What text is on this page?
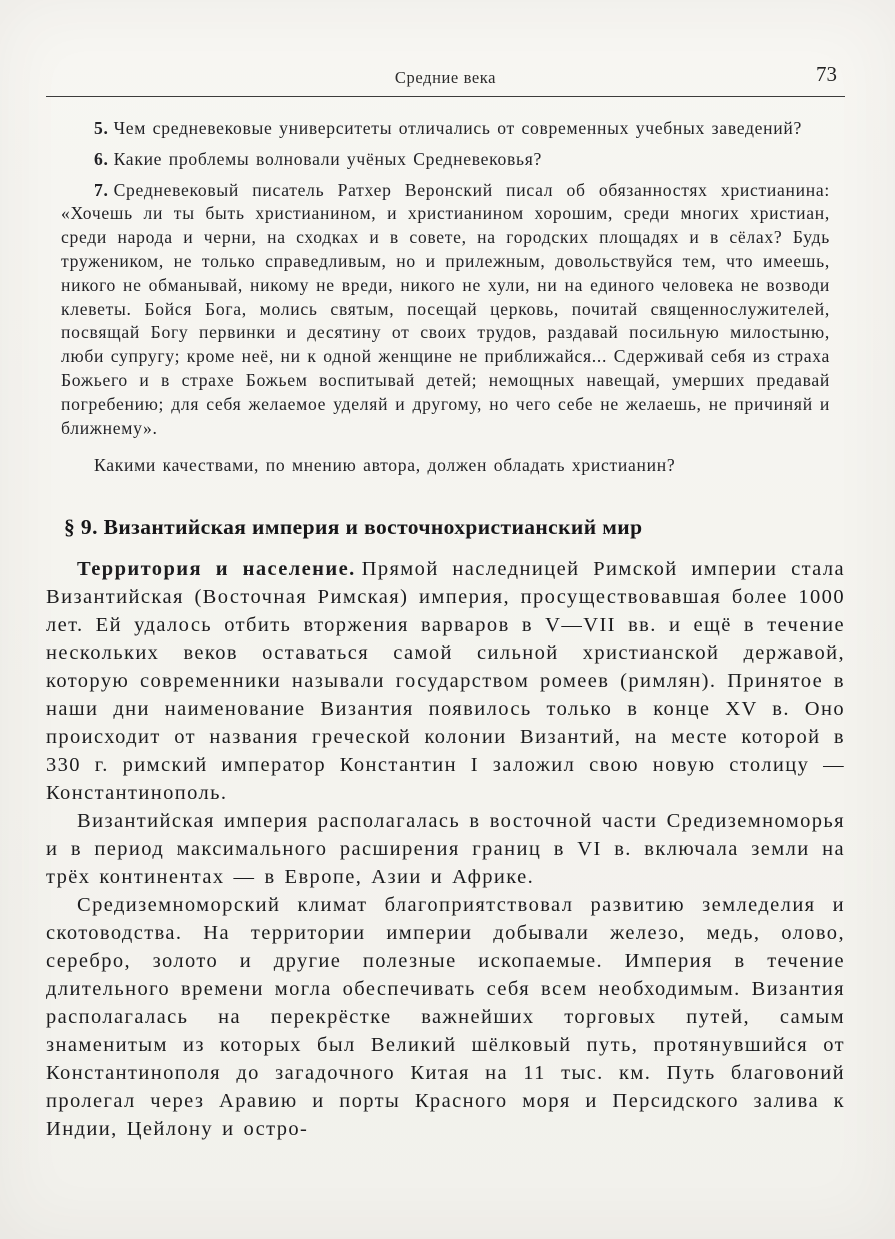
Средние века	73

5. Чем средневековые университеты отличались от современных учебных заведений?

6. Какие проблемы волновали учёных Средневековья?

7. Средневековый писатель Ратхер Веронский писал об обязанностях христианина: «Хочешь ли ты быть христианином, и христианином хорошим, среди многих христиан, среди народа и черни, на сходках и в совете, на городских площадях и в сёлах? Будь тружеником, не только справедливым, но и прилежным, довольствуйся тем, что имеешь, никого не обманывай, никому не вреди, никого не хули, ни на единого человека не возводи клеветы. Бойся Бога, молись святым, посещай церковь, почитай священнослужителей, посвящай Богу первинки и десятину от своих трудов, раздавай посильную милостыню, люби супругу; кроме неё, ни к одной женщине не приближайся... Сдерживай себя из страха Божьего и в страхе Божьем воспитывай детей; немощных навещай, умерших предавай погребению; для себя желаемое уделяй и другому, но чего себе не желаешь, не причиняй и ближнему».

Какими качествами, по мнению автора, должен обладать христианин?

§ 9. Византийская империя и восточнохристианский мир

Территория и население. Прямой наследницей Римской империи стала Византийская (Восточная Римская) империя, просуществовавшая более 1000 лет. Ей удалось отбить вторжения варваров в V—VII вв. и ещё в течение нескольких веков оставаться самой сильной христианской державой, которую современники называли государством ромеев (римлян). Принятое в наши дни наименование Византия появилось только в конце XV в. Оно происходит от названия греческой колонии Византий, на месте которой в 330 г. римский император Константин I заложил свою новую столицу — Константинополь.

Византийская империя располагалась в восточной части Средиземноморья и в период максимального расширения границ в VI в. включала земли на трёх континентах — в Европе, Азии и Африке.

Средиземноморский климат благоприятствовал развитию земледелия и скотоводства. На территории империи добывали железо, медь, олово, серебро, золото и другие полезные ископаемые. Империя в течение длительного времени могла обеспечивать себя всем необходимым. Византия располагалась на перекрёстке важнейших торговых путей, самым знаменитым из которых был Великий шёлковый путь, протянувшийся от Константинополя до загадочного Китая на 11 тыс. км. Путь благовоний пролегал через Аравию и порты Красного моря и Персидского залива к Индии, Цейлону и остро-
